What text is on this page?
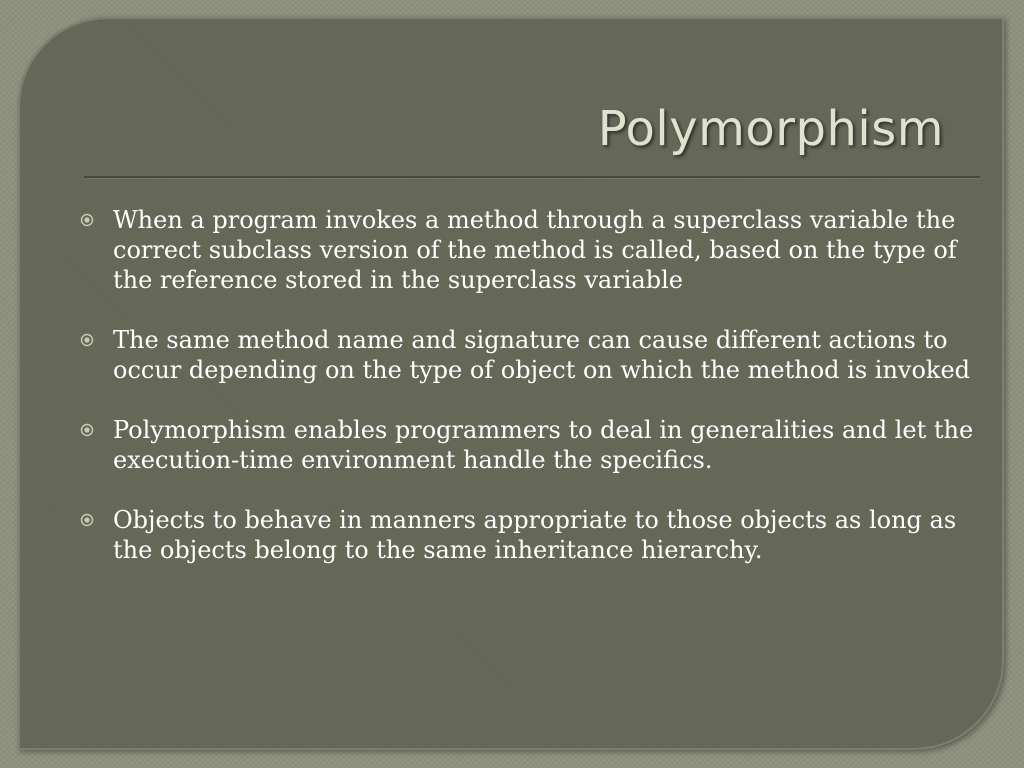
Polymorphism
When a program invokes a method through a superclass variable the correct subclass version of the method is called, based on the type of the reference stored in the superclass variable
The same method name and signature can cause different actions to occur depending on the type of object on which the method is invoked
Polymorphism enables programmers to deal in generalities and let the execution-time environment handle the specifics.
Objects to behave in manners appropriate to those objects as long as the objects belong to the same inheritance hierarchy.
